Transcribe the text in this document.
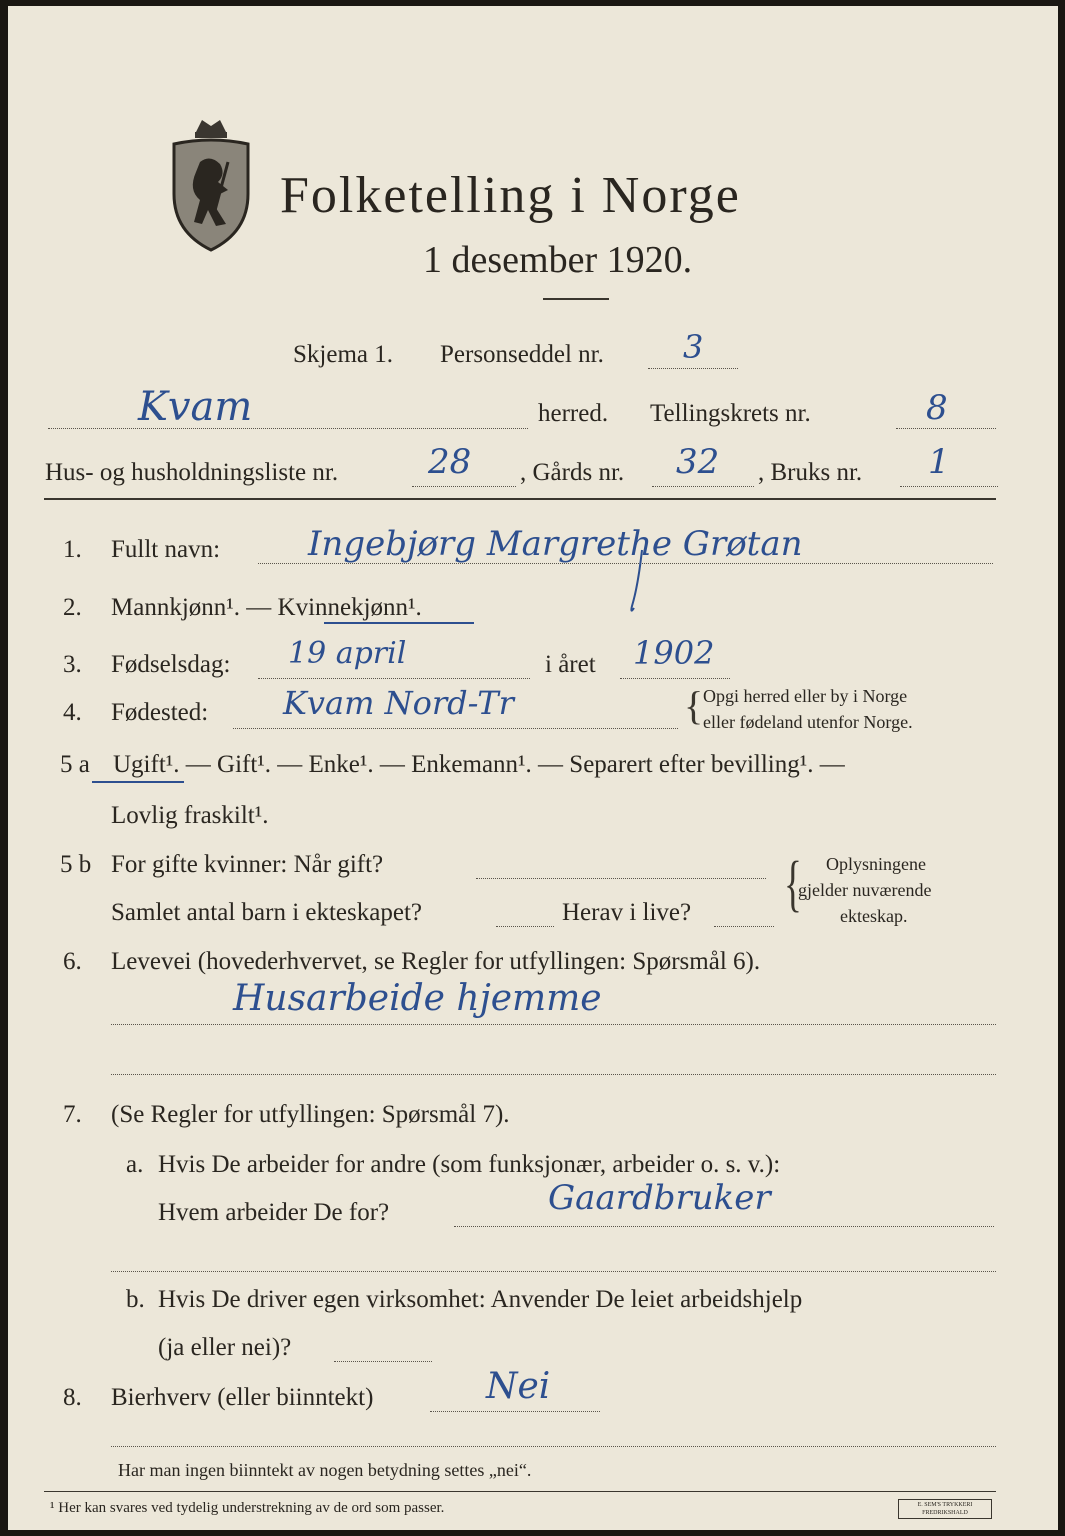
Folketelling i Norge
1 desember 1920.
Skjema 1. Personseddel nr. 3
Kvam	herred. Tellingskrets nr.	8
Hus- og husholdningsliste nr.	28 , Gårds nr. 32 , Bruks nr. 1
1. Fullt navn:	Ingebjørg Margrethe Grøtan
2. Mannkjønn¹. — Kvinnekjønn¹.
3. Fødselsdag: 19 april	i året 1902
4. Fødested: Kvam Nord-Tr	{ Opgi herred eller by i Norge
eller fødeland utenfor Norge.
5 a Ugift¹. — Gift¹. — Enke¹. — Enkemann¹. — Separert efter bevilling¹. —
Lovlig fraskilt¹.
5 b For gifte kvinner: Når gift?
Samlet antal barn i ekteskapet?	Herav i live? { Oplysningene
gjelder nuværende
ekteskap.
6. Levevei (hovederhvervet, se Regler for utfyllingen: Spørsmål 6).
Husarbeide hjemme
7. (Se Regler for utfyllingen: Spørsmål 7).
a. Hvis De arbeider for andre (som funksjonær, arbeider o. s. v.):
Hvem arbeider De for?	Gaardbruker
b. Hvis De driver egen virksomhet: Anvender De leiet arbeidshjelp
(ja eller nei)?
8. Bierhverv (eller biinntekt)	Nei
Har man ingen biinntekt av nogen betydning settes „nei“.
¹ Her kan svares ved tydelig understrekning av de ord som passer.	E. SEM'S TRYKKERI FREDRIKSHALD
